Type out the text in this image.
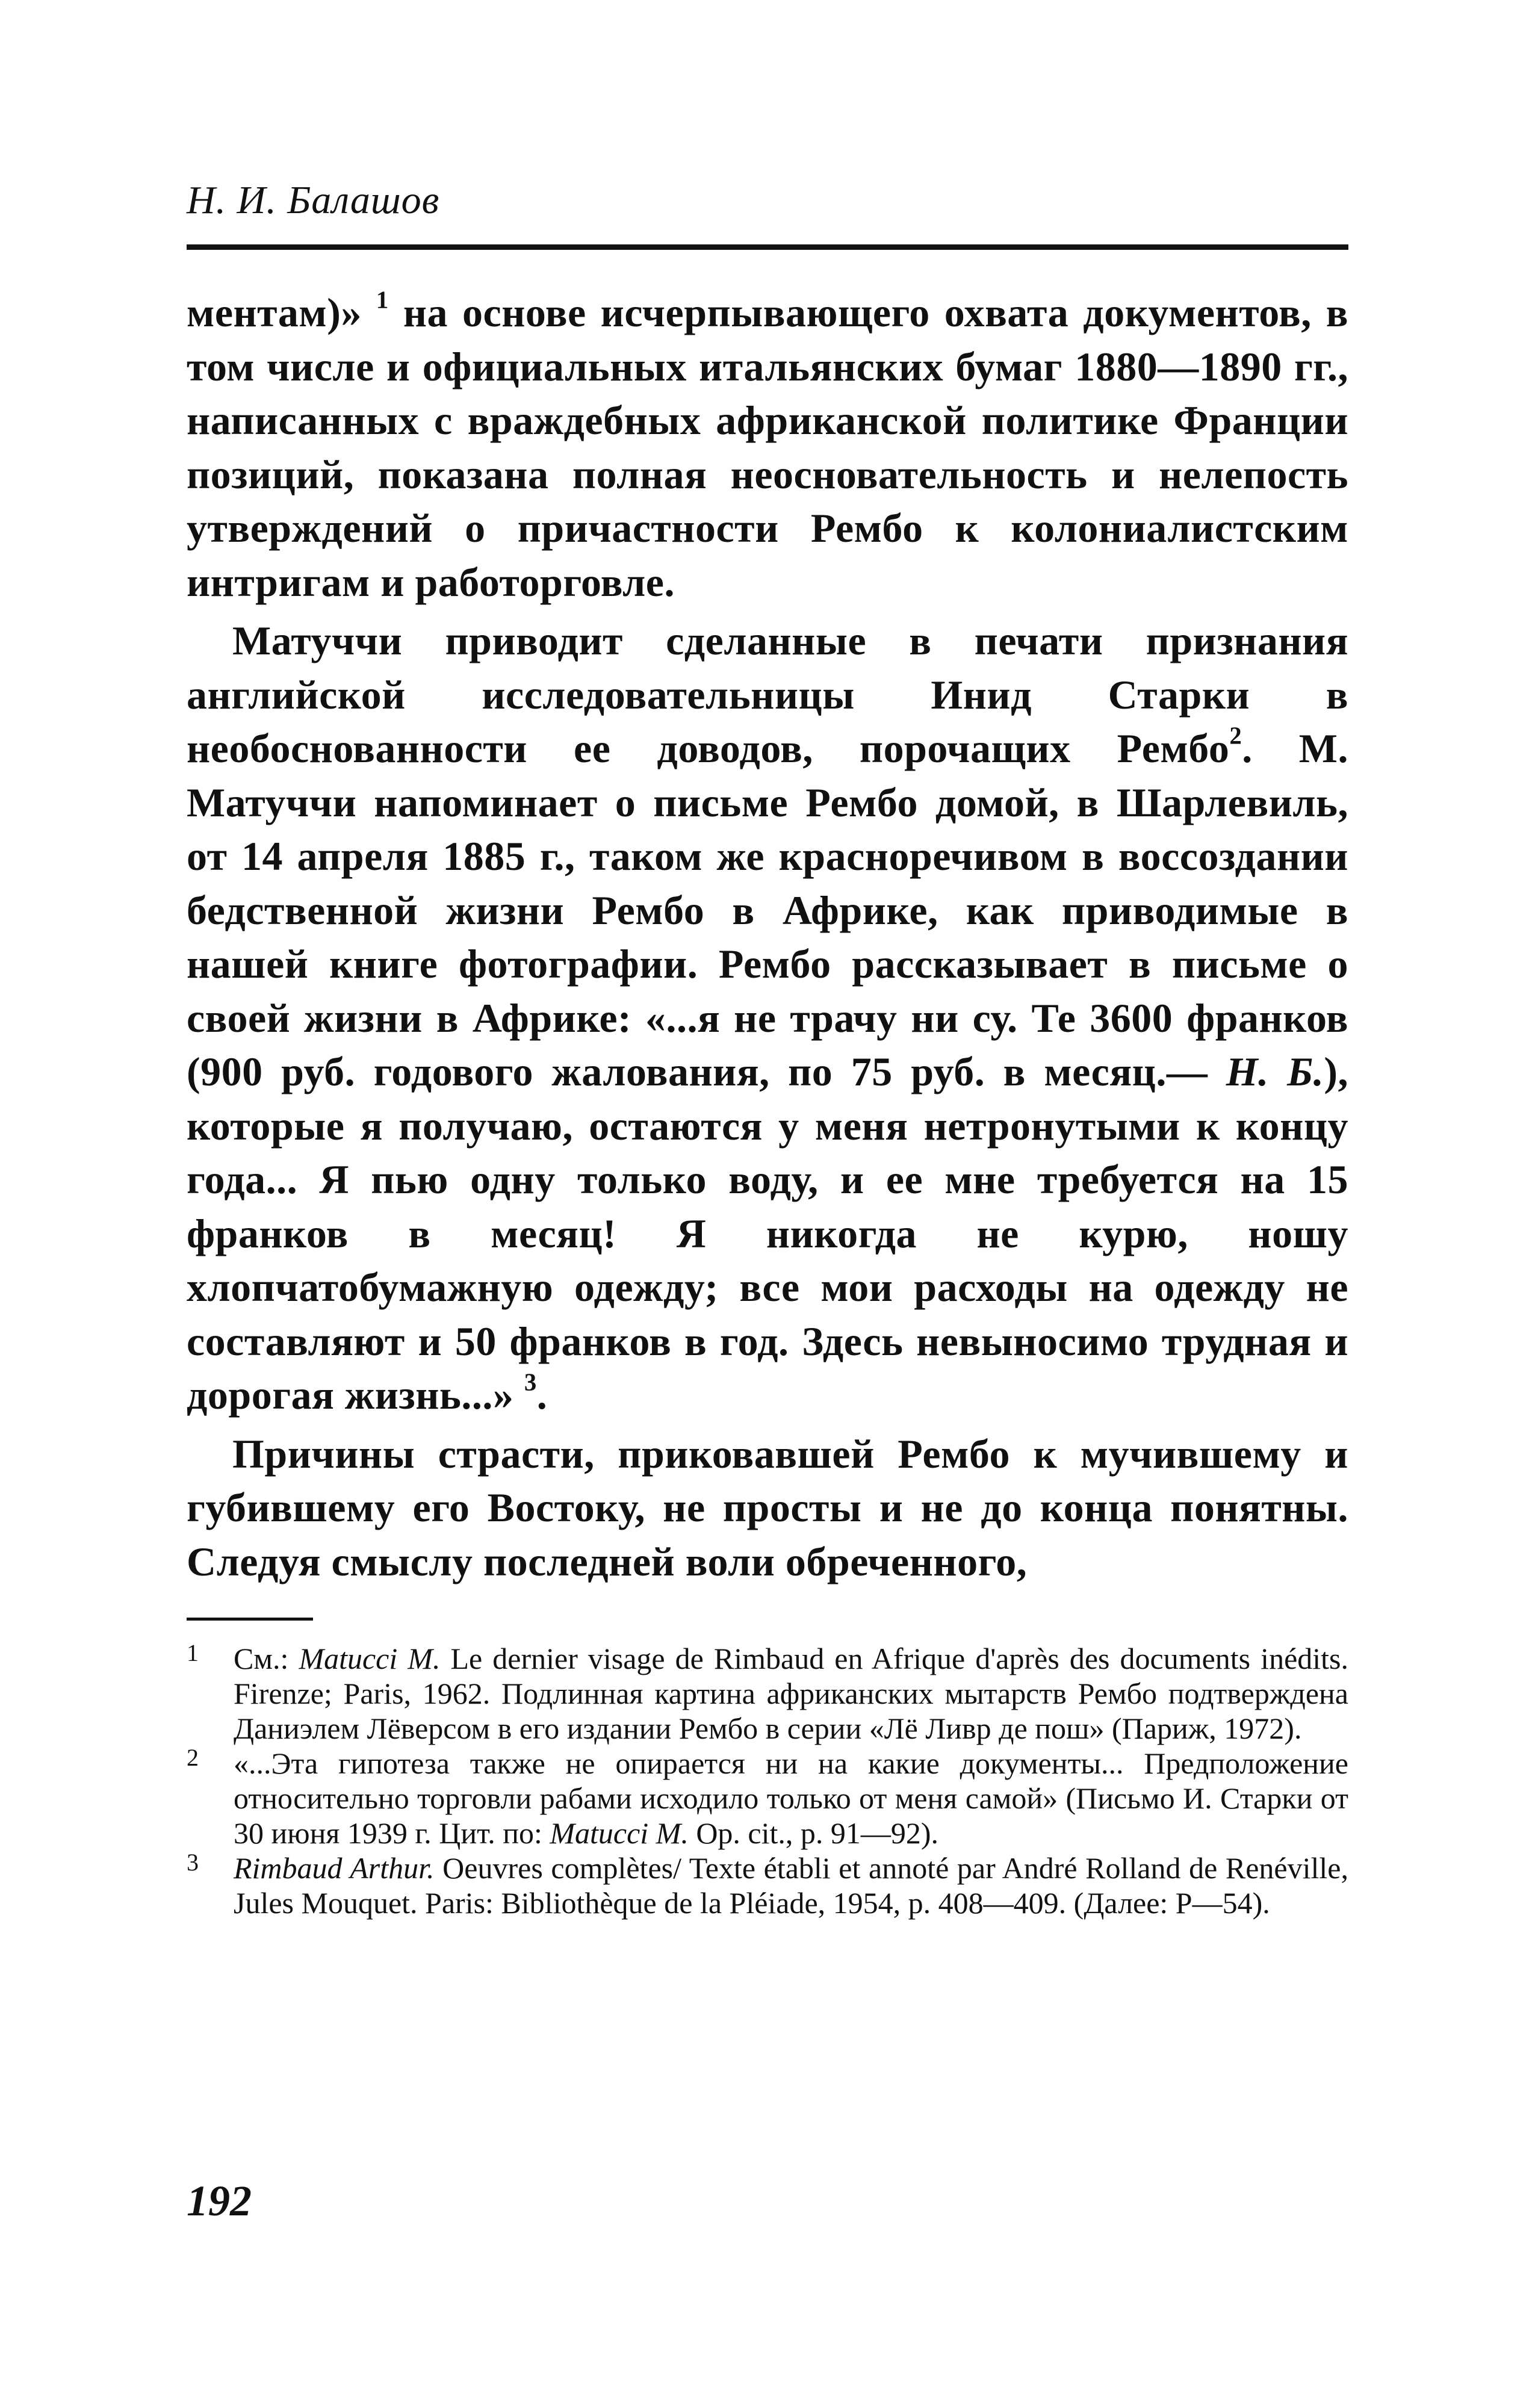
Н. И. Балашов

ментам)» $^1$ на основе исчерпывающего охвата документов, в том числе и официальных итальянских бумаг 1880—1890 гг., написанных с враждебных африканской политике Франции позиций, показана полная неосновательность и нелепость утверждений о причастности Рембо к колониалистским интригам и работорговле.

Матуччи приводит сделанные в печати признания английской исследовательницы Инид Старки в необоснованности ее доводов, порочащих Рембо$^2$. М. Матуччи напоминает о письме Рембо домой, в Шарлевиль, от 14 апреля 1885 г., таком же красноречивом в воссоздании бедственной жизни Рембо в Африке, как приводимые в нашей книге фотографии. Рембо рассказывает в письме о своей жизни в Африке: «...я не трачу ни су. Те 3600 франков (900 руб. годового жалования, по 75 руб. в месяц.— Н. Б.), которые я получаю, остаются у меня нетронутыми к концу года... Я пью одну только воду, и ее мне требуется на 15 франков в месяц! Я никогда не курю, ношу хлопчатобумажную одежду; все мои расходы на одежду не составляют и 50 франков в год. Здесь невыносимо трудная и дорогая жизнь...» $^3$.

Причины страсти, приковавшей Рембо к мучившему и губившему его Востоку, не просты и не до конца понятны. Следуя смыслу последней воли обреченного,

1 См.: Matucci M. Le dernier visage de Rimbaud en Afrique d'après des documents inédits. Firenze; Paris, 1962. Подлинная картина африканских мытарств Рембо подтверждена Даниэлем Лёверсом в его издании Рембо в серии «Лё Ливр де пош» (Париж, 1972).

2 «...Эта гипотеза также не опирается ни на какие документы... Предположение относительно торговли рабами исходило только от меня самой» (Письмо И. Старки от 30 июня 1939 г. Цит. по: Matucci M. Op. cit., p. 91—92).

3 Rimbaud Arthur. Oeuvres complètes/ Texte établi et annoté par André Rolland de Renéville, Jules Mouquet. Paris: Bibliothèque de la Pléiade, 1954, p. 408—409. (Далее: P—54).

192
